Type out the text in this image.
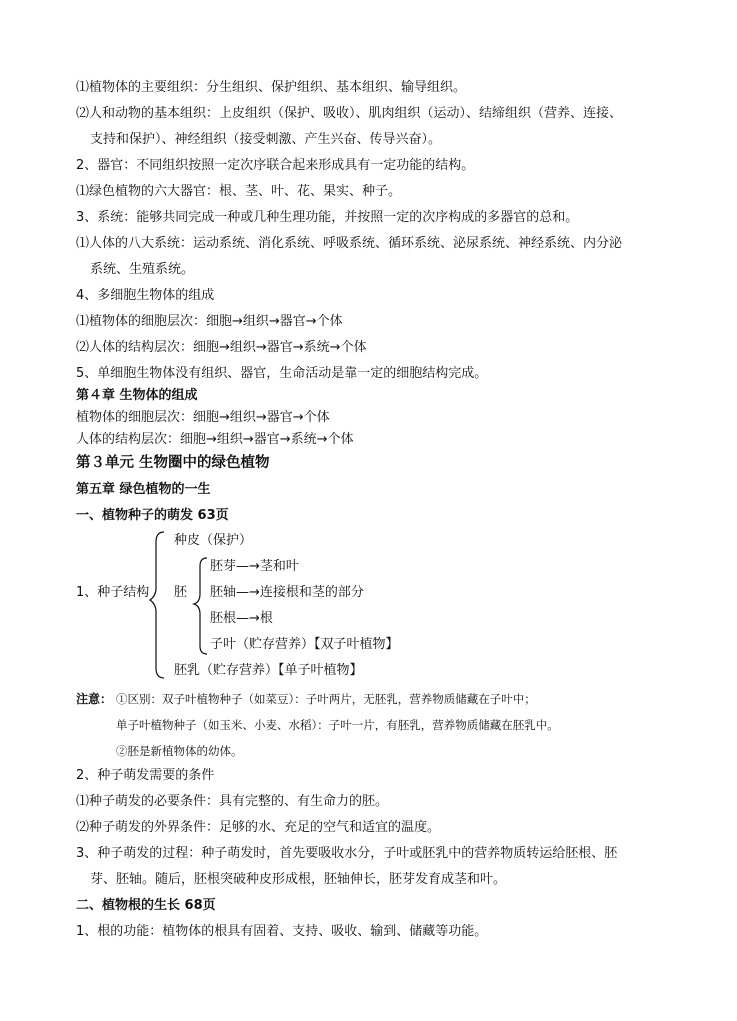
⑴植物体的主要组织：分生组织、保护组织、基本组织、输导组织。
⑵人和动物的基本组织：上皮组织（保护、吸收）、肌肉组织（运动）、结缔组织（营养、连接、
支持和保护）、神经组织（接受刺激、产生兴奋、传导兴奋）。
2、器官：不同组织按照一定次序联合起来形成具有一定功能的结构。
⑴绿色植物的六大器官：根、茎、叶、花、果实、种子。
3、系统：能够共同完成一种或几种生理功能，并按照一定的次序构成的多器官的总和。
⑴人体的八大系统：运动系统、消化系统、呼吸系统、循环系统、泌尿系统、神经系统、内分泌
系统、生殖系统。
4、多细胞生物体的组成
⑴植物体的细胞层次：细胞→组织→器官→个体
⑵人体的结构层次：细胞→组织→器官→系统→个体
5、单细胞生物体没有组织、器官，生命活动是靠一定的细胞结构完成。
第４章 生物体的组成
植物体的细胞层次：细胞→组织→器官→个体
人体的结构层次：细胞→组织→器官→系统→个体
第３单元 生物圈中的绿色植物
第五章 绿色植物的一生
一、植物种子的萌发 63页
1、种子结构
种皮（保护）
胚
胚芽—→茎和叶
胚轴—→连接根和茎的部分
胚根—→根
子叶（贮存营养）【双子叶植物】
胚乳（贮存营养）【单子叶植物】
注意： ①区别：双子叶植物种子（如菜豆）：子叶两片，无胚乳，营养物质储藏在子叶中；
单子叶植物种子（如玉米、小麦、水稻）：子叶一片，有胚乳，营养物质储藏在胚乳中。
②胚是新植物体的幼体。
2、种子萌发需要的条件
⑴种子萌发的必要条件：具有完整的、有生命力的胚。
⑵种子萌发的外界条件：足够的水、充足的空气和适宜的温度。
3、种子萌发的过程：种子萌发时，首先要吸收水分，子叶或胚乳中的营养物质转运给胚根、胚
芽、胚轴。随后，胚根突破种皮形成根，胚轴伸长，胚芽发育成茎和叶。
二、植物根的生长 68页
1、根的功能：植物体的根具有固着、支持、吸收、输到、储藏等功能。
